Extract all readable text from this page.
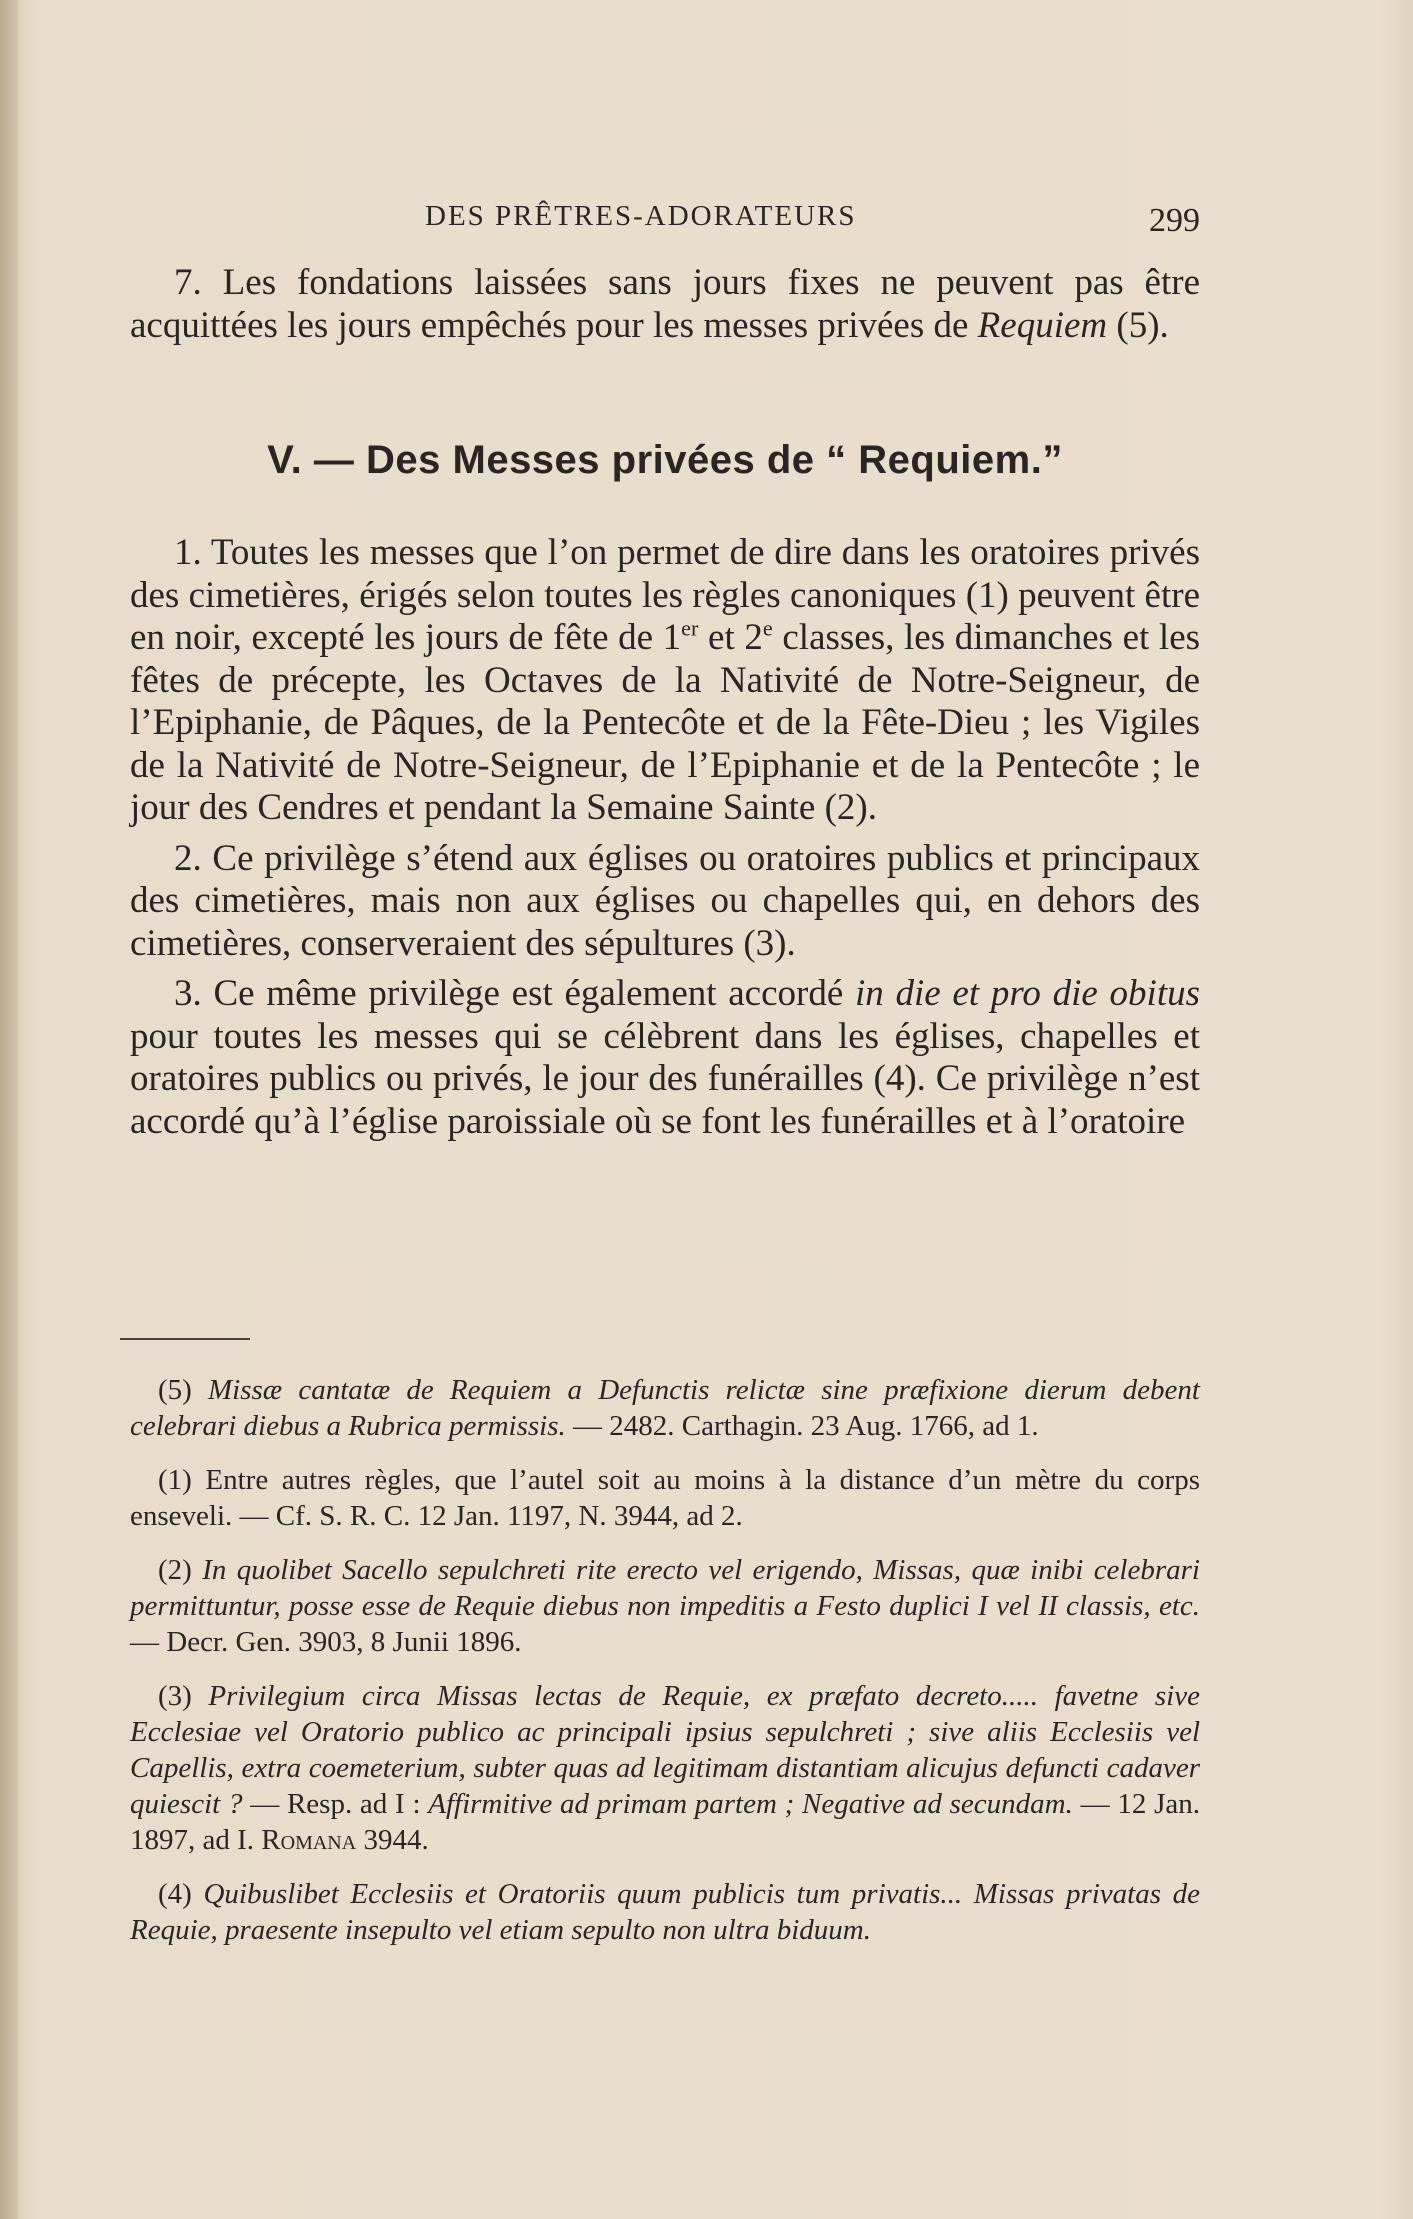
DES PRÊTRES-ADORATEURS	299

7. Les fondations laissées sans jours fixes ne peuvent pas être acquittées les jours empêchés pour les messes privées de Requiem (5).

V. — Des Messes privées de “ Requiem.”

1. Toutes les messes que l’on permet de dire dans les oratoires privés des cimetières, érigés selon toutes les règles canoniques (1) peuvent être en noir, excepté les jours de fête de 1er et 2e classes, les dimanches et les fêtes de précepte, les Octaves de la Nativité de Notre-Seigneur, de l’Epiphanie, de Pâques, de la Pentecôte et de la Fête-Dieu ; les Vigiles de la Nativité de Notre-Seigneur, de l’Epiphanie et de la Pentecôte ; le jour des Cendres et pendant la Semaine Sainte (2).

2. Ce privilège s’étend aux églises ou oratoires publics et principaux des cimetières, mais non aux églises ou chapelles qui, en dehors des cimetières, conserveraient des sépultures (3).

3. Ce même privilège est également accordé in die et pro die obitus pour toutes les messes qui se célèbrent dans les églises, chapelles et oratoires publics ou privés, le jour des funérailles (4). Ce privilège n’est accordé qu’à l’église paroissiale où se font les funérailles et à l’oratoire

(5) Missæ cantatæ de Requiem a Defunctis relictæ sine præfixione dierum debent celebrari diebus a Rubrica permissis. — 2482. Carthagin. 23 Aug. 1766, ad 1.

(1) Entre autres règles, que l’autel soit au moins à la distance d’un mètre du corps enseveli. — Cf. S. R. C. 12 Jan. 1197, N. 3944, ad 2.

(2) In quolibet Sacello sepulchreti rite erecto vel erigendo, Missas, quæ inibi celebrari permittuntur, posse esse de Requie diebus non impeditis a Festo duplici I vel II classis, etc. — Decr. Gen. 3903, 8 Junii 1896.

(3) Privilegium circa Missas lectas de Requie, ex præfato decreto..... favetne sive Ecclesiae vel Oratorio publico ac principali ipsius sepulchreti ; sive aliis Ecclesiis vel Capellis, extra coemeterium, subter quas ad legitimam distantiam alicujus defuncti cadaver quiescit ? — Resp. ad I : Affirmitive ad primam partem ; Negative ad secundam. — 12 Jan. 1897, ad I. Romana 3944.

(4) Quibuslibet Ecclesiis et Oratoriis quum publicis tum privatis... Missas privatas de Requie, praesente insepulto vel etiam sepulto non ultra biduum.
